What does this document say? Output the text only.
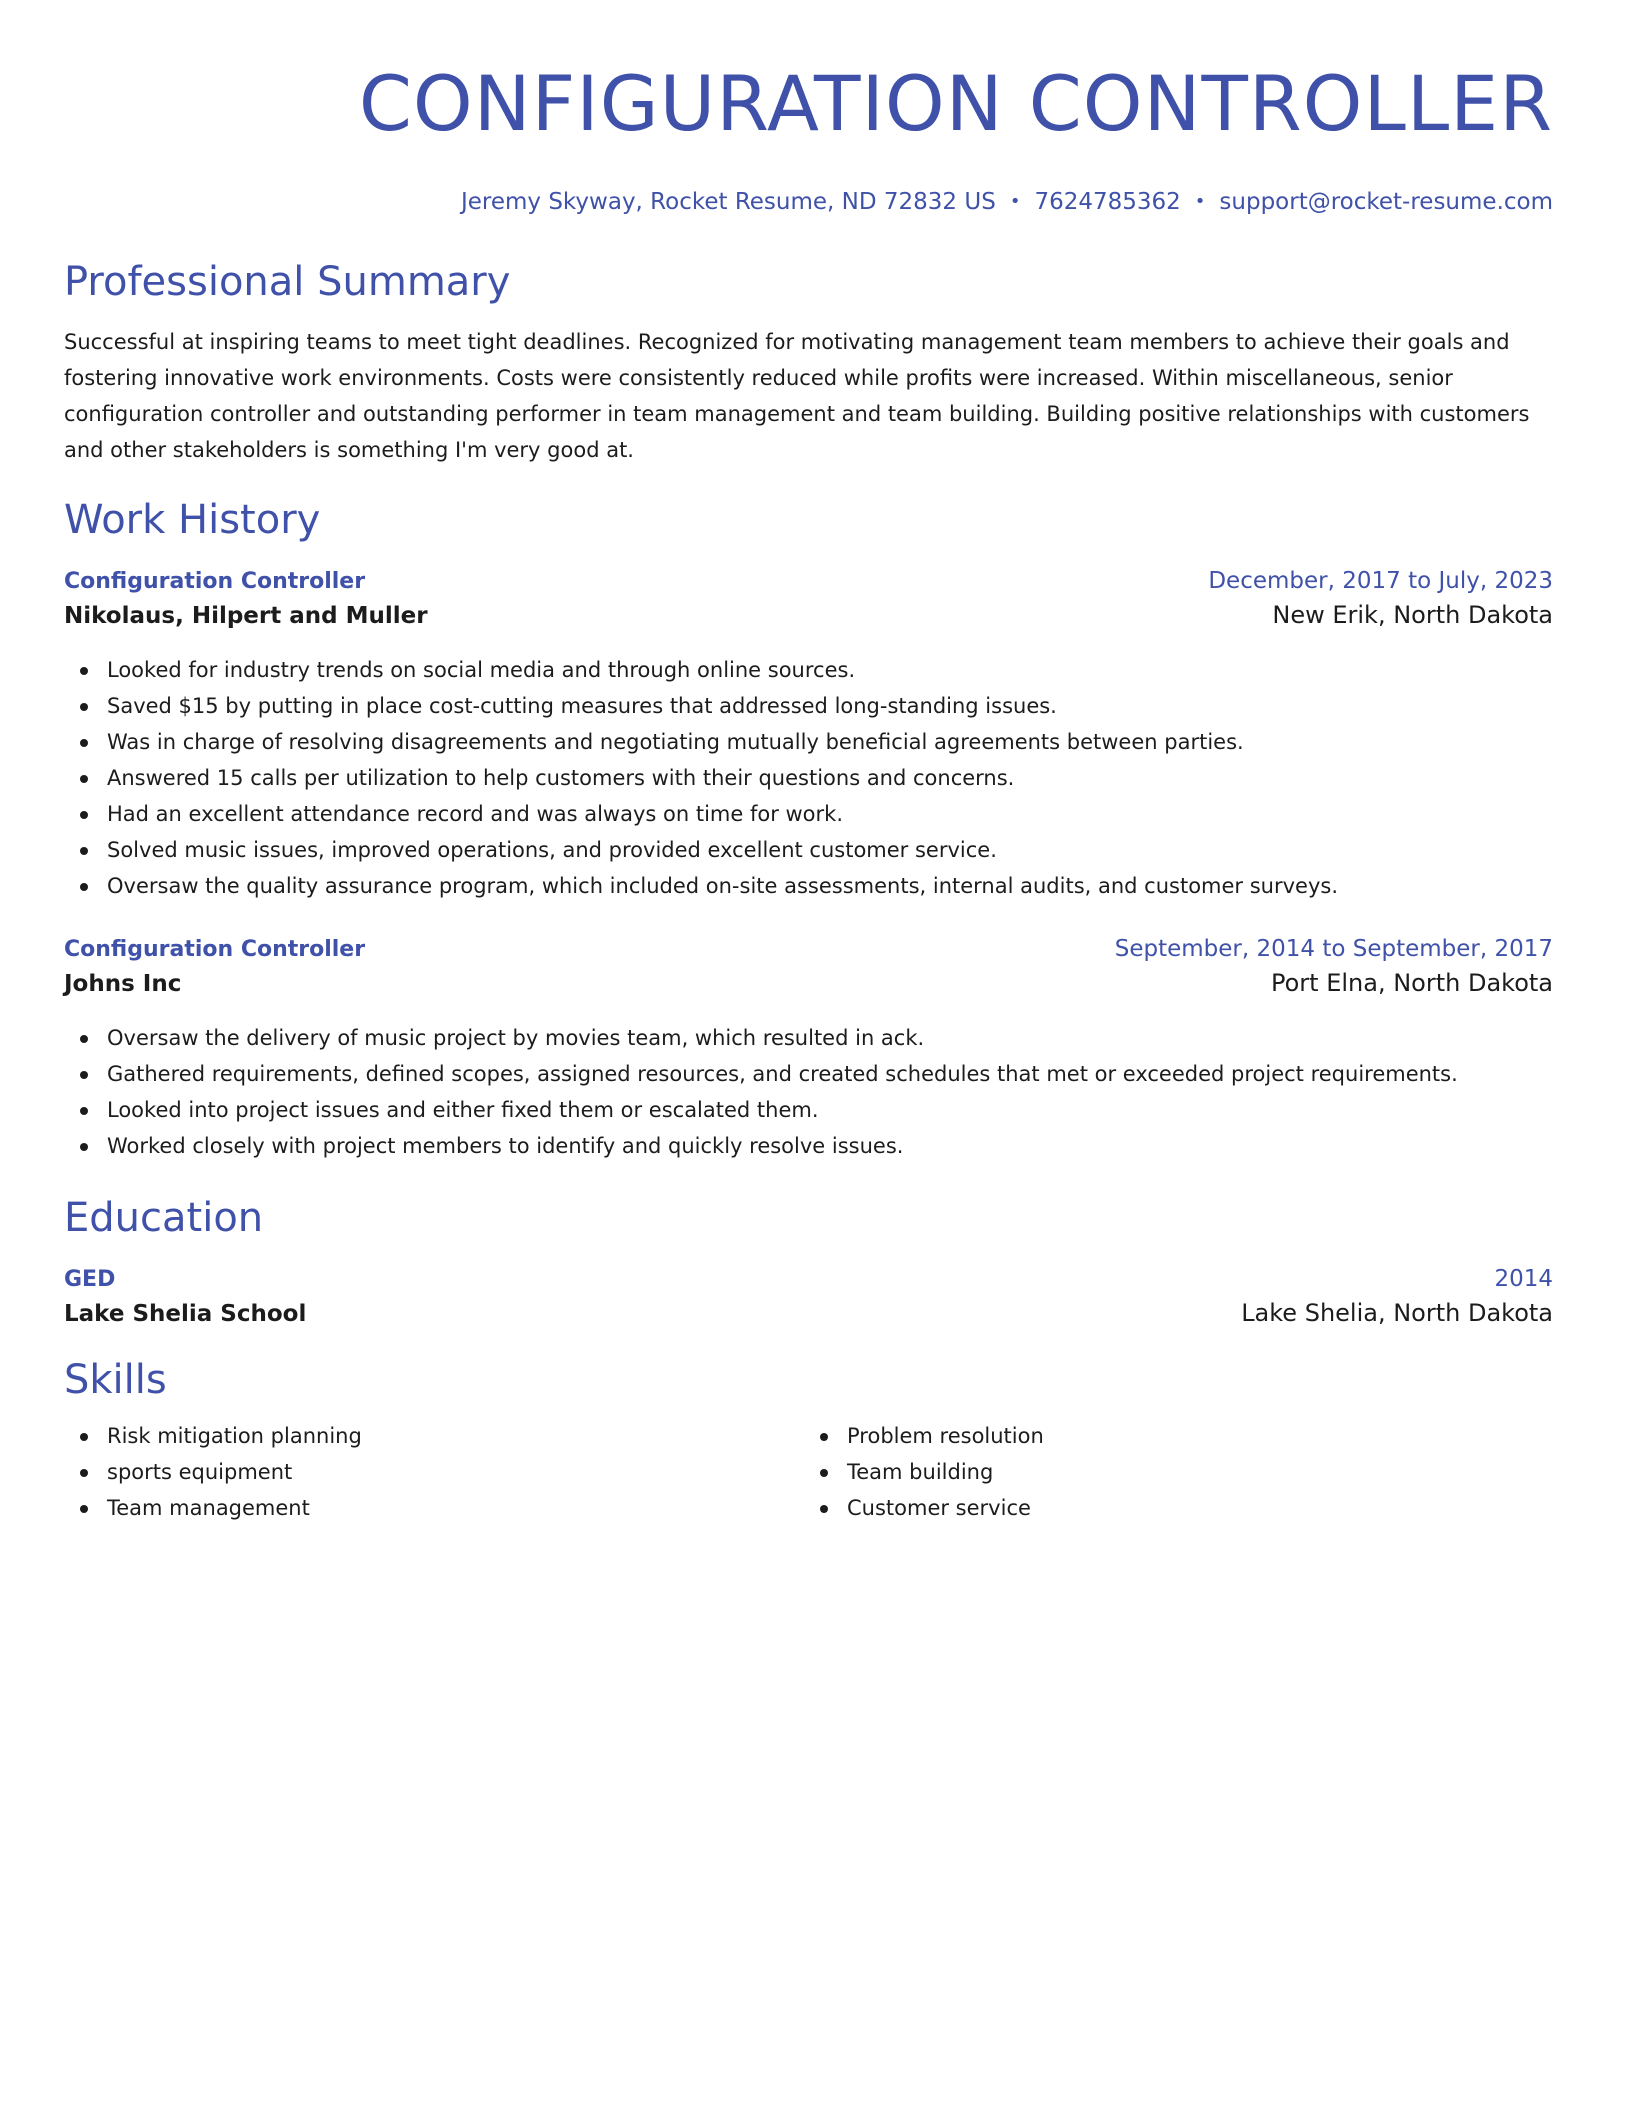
CONFIGURATION CONTROLLER
Jeremy Skyway, Rocket Resume, ND 72832 US • 7624785362 • support@rocket-resume.com
Professional Summary
Successful at inspiring teams to meet tight deadlines. Recognized for motivating management team members to achieve their goals and fostering innovative work environments. Costs were consistently reduced while profits were increased. Within miscellaneous, senior configuration controller and outstanding performer in team management and team building. Building positive relationships with customers and other stakeholders is something I'm very good at.
Work History
Configuration Controller	December, 2017 to July, 2023
Nikolaus, Hilpert and Muller	New Erik, North Dakota
Looked for industry trends on social media and through online sources.
Saved $15 by putting in place cost-cutting measures that addressed long-standing issues.
Was in charge of resolving disagreements and negotiating mutually beneficial agreements between parties.
Answered 15 calls per utilization to help customers with their questions and concerns.
Had an excellent attendance record and was always on time for work.
Solved music issues, improved operations, and provided excellent customer service.
Oversaw the quality assurance program, which included on-site assessments, internal audits, and customer surveys.
Configuration Controller	September, 2014 to September, 2017
Johns Inc	Port Elna, North Dakota
Oversaw the delivery of music project by movies team, which resulted in ack.
Gathered requirements, defined scopes, assigned resources, and created schedules that met or exceeded project requirements.
Looked into project issues and either fixed them or escalated them.
Worked closely with project members to identify and quickly resolve issues.
Education
GED	2014
Lake Shelia School	Lake Shelia, North Dakota
Skills
Risk mitigation planning
sports equipment
Team management
Problem resolution
Team building
Customer service
